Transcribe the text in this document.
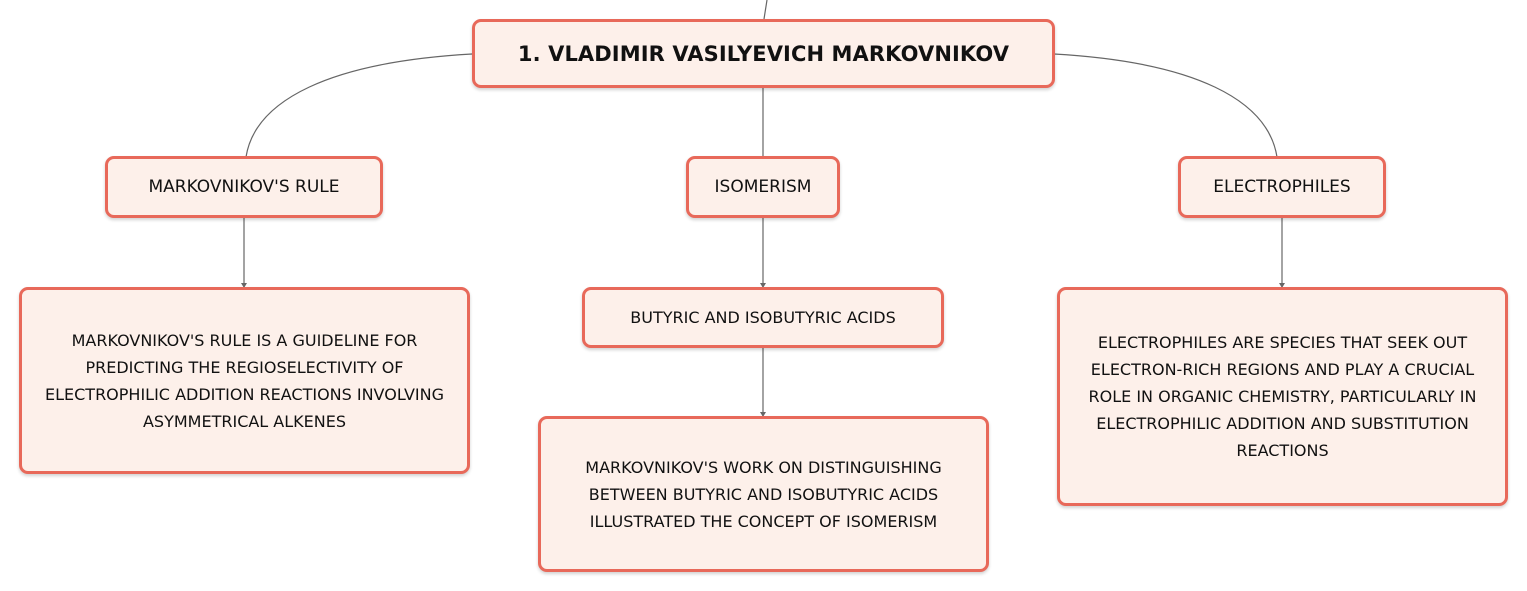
1. VLADIMIR VASILYEVICH MARKOVNIKOV
MARKOVNIKOV'S RULE	ISOMERISM	ELECTROPHILES
MARKOVNIKOV'S RULE IS A GUIDELINE FOR PREDICTING THE REGIOSELECTIVITY OF ELECTROPHILIC ADDITION REACTIONS INVOLVING ASYMMETRICAL ALKENES
BUTYRIC AND ISOBUTYRIC ACIDS
MARKOVNIKOV'S WORK ON DISTINGUISHING BETWEEN BUTYRIC AND ISOBUTYRIC ACIDS ILLUSTRATED THE CONCEPT OF ISOMERISM
ELECTROPHILES ARE SPECIES THAT SEEK OUT ELECTRON-RICH REGIONS AND PLAY A CRUCIAL ROLE IN ORGANIC CHEMISTRY, PARTICULARLY IN ELECTROPHILIC ADDITION AND SUBSTITUTION REACTIONS
